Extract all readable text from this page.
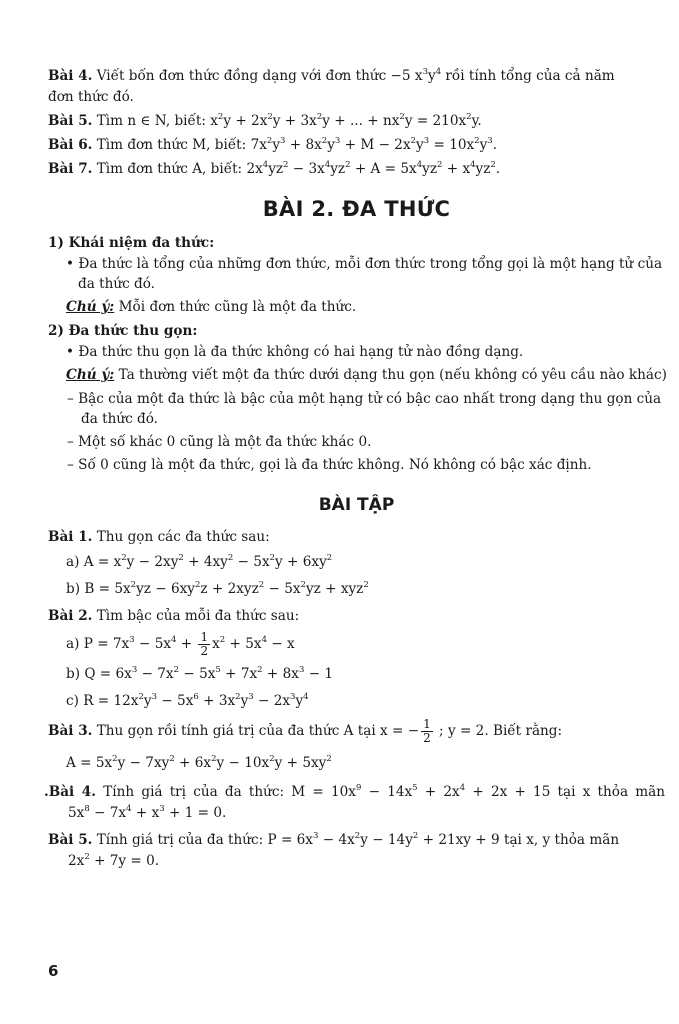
Bài 4. Viết bốn đơn thức đồng dạng với đơn thức −5 $x^3y^4$ rồi tính tổng của cả năm

đơn thức đó.

Bài 5. Tìm n ∈ N, biết: $x^2y + 2x^2y + 3x^2y$ + ... + $nx^2y = 210x^2y$.

Bài 6. Tìm đơn thức M, biết: $7x^2y^3 + 8x^2y^3 + M - 2x^2y^3 = 10x^2y^3$.

Bài 7. Tìm đơn thức A, biết: $2x^4yz^2 - 3x^4yz^2 + A = 5x^4yz^2 + x^4yz^2$.

BÀI 2. ĐA THỨC

1) Khái niệm đa thức:

• Đa thức là tổng của những đơn thức, mỗi đơn thức trong tổng gọi là một hạng tử của đa thức đó.

Chú ý: Mỗi đơn thức cũng là một đa thức.

2) Đa thức thu gọn:

• Đa thức thu gọn là đa thức không có hai hạng tử nào đồng dạng.

Chú ý: Ta thường viết một đa thức dưới dạng thu gọn (nếu không có yêu cầu nào khác)

– Bậc của một đa thức là bậc của một hạng tử có bậc cao nhất trong dạng thu gọn của đa thức đó.

– Một số khác 0 cũng là một đa thức khác 0.

– Số 0 cũng là một đa thức, gọi là đa thức không. Nó không có bậc xác định.

BÀI TẬP

Bài 1. Thu gọn các đa thức sau:

a) $A = x^2y - 2xy^2 + 4xy^2 - 5x^2y + 6xy^2$

b) $B = 5x^2yz - 6xy^2z + 2xyz^2 - 5x^2yz + xyz^2$

Bài 2. Tìm bậc của mỗi đa thức sau:

a) $P = 7x^3 - 5x^4 + \frac{1}{2} x^2 + 5x^4 - x$

b) $Q = 6x^3 - 7x^2 - 5x^5 + 7x^2 + 8x^3 - 1$

c) $R = 12x^2y^3 - 5x^6 + 3x^2y^3 - 2x^3y^4$

Bài 3. Thu gọn rồi tính giá trị của đa thức A tại x = − $\frac{1}{2}$ ; y = 2. Biết rằng:

$A = 5x^2y - 7xy^2 + 6x^2y - 10x^2y + 5xy^2$

.Bài 4. Tính giá trị của đa thức: $M = 10x^9 - 14x^5 + 2x^4 + 2x + 15$ tại x thỏa mãn

$5x^8 - 7x^4 + x^3 + 1 = 0$.

Bài 5. Tính giá trị của đa thức: $P = 6x^3 - 4x^2y - 14y^2 + 21xy + 9$ tại x, y thỏa mãn

$2x^2 + 7y = 0$.

6
